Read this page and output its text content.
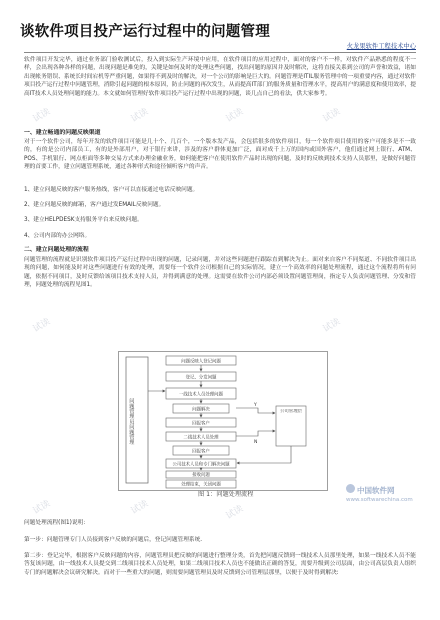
谈软件项目投产运行过程中的问题管理
火龙果软件工程技术中心
软件项目开发完毕，通过业务部门验收测试后，投入到实际生产环境中应用，在软件项目的应用过程中，面对的客户不一样，对软件产品熟悉的程度不一样，会出现各种各样的问题，出现问题是难免的，关键是如何及时的处理这些问题，找出问题的原因并及时解决，这将直接关系到公司的声誉和效益，诸如出现帐务错误、系统长时间宕机等严重问题，如果得不到及时的解决，对一个公司的影响是巨大的。问题管理是ITIL服务管理中的一项重要内容，通过对软件项目投产运行过程中问题管理，消除引起问题的根本原因，防止问题的再次发生，从而提高IT部门的服务质量和管理水平，提高用户的满意度和使用效率，提高IT技术人员处理问题的能力。本文就如何管理好软件项目投产运行过程中出现的问题，谈几点自己的看法，供大家参考。
一、建立畅通的问题反映渠道
对于一个软件公司，每年开发的软件项目可能是几十个、几百个，一个版本发产品，会包括很多的软件项目，每一个软件项目使用的客户可能多是不一致的，有的是公司内部员工，有的是外部用户，对于银行来讲，涉及的客户群体更加广泛，面对成千上万的国内或国外客户，他们通过网上银行、ATM、POS、手机银行、网点柜面等多种交易方式来办理金融业务，如何能把客户在使用软件产品时出现的问题，及时的反映到技术支持人员那里，是做好问题管理的首要工作，建立问题管理系统，通过各种形式和途径倾听客户的声音。
1、建立问题反映的客户服务热线，客户可以直接通过电话反映问题。
2、建立问题反映的邮箱，客户通过发EMAIL反映问题。
3、建立HELPDESK支持服务平台来反映问题。
4、公司内部的办公网络。
二、建立问题处理的流程
问题管理的流程就是识别软件项目投产运行过程中出现的问题，记录问题，并对这些问题进行跟踪直到解决为止。面对来自客户不同渠道、不同软件项目出现的问题，如何能及时对这些问题进行有效的处理，需要每一个软件公司根据自己的实际情况，建立一个高效率的问题处理流程，通过这个流程将所有问题，依据不同项目，及时反馈给该项目技术支持人员，并得到满意的处理。这需要在软件公司内部必须设置问题管理岗，指定专人负责问题管理、分发和管理，问题处理的流程见图1。
问题管理员问题管理
问题反映人登记问题
登记、分发问题
一线技术人员处理问题
问题解决
回报客户
二线技术人员处理
回报客户
公司技术人员和专门解决问题
接收问题
处理结束，关闭问题
公司管理层
Y
N
图 1：问题处理流程	中国软件网
www.softwarechina.com
问题处理流程(图1)说明：
第一步：问题管理专门人员接到客户反映的问题后，登记问题管理系统.
第二步：登记完毕，根据客户反映问题的内容，问题管理员把反映的问题进行整理分类，首先把问题反馈到一线技术人员那里处理，如果一线技术人员不能答复该问题，由一线技术人员提交到二线项目技术人员处理，如果二线项目技术人员也不能做出正确的答复，需要升级到公司层面，由公司高层负责人组织专门的问题解决会议研究解决。而对于一些重大的问题，则需要问题管理员及时反馈到公司管理层那里，以便于及时得到解决:
试读	试读	试读	试读
试读	试读
试读	试读	试读
